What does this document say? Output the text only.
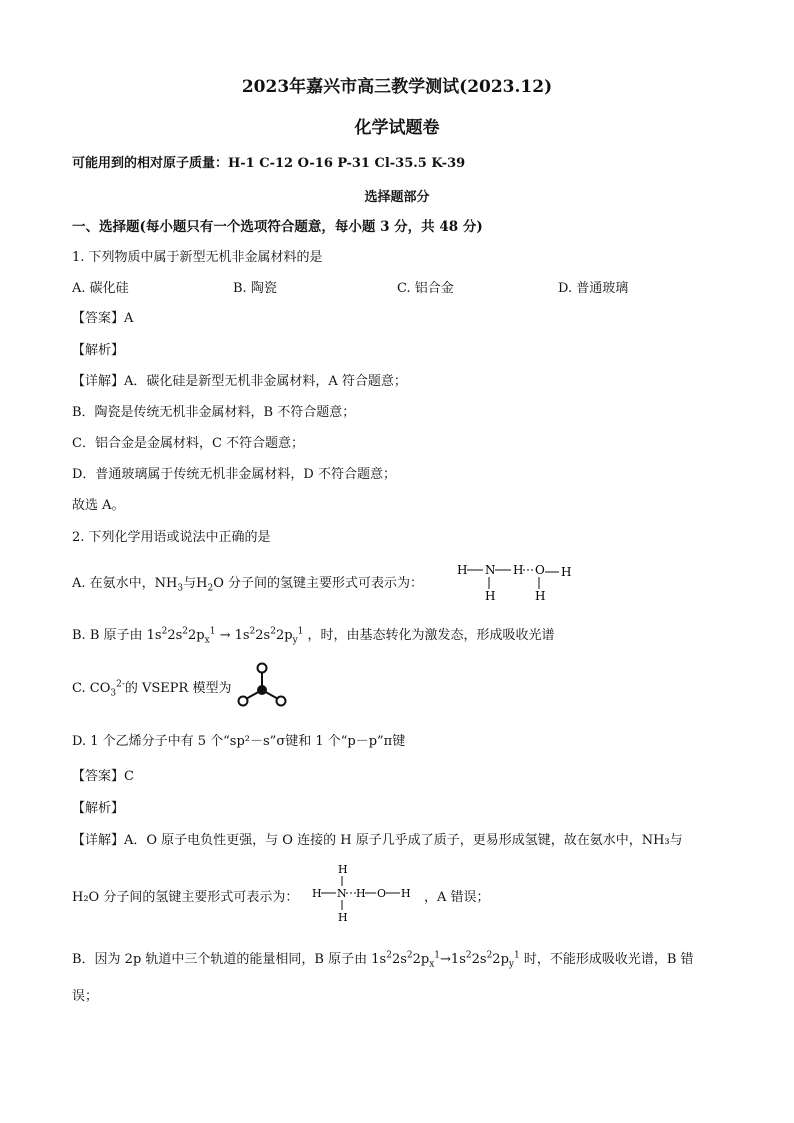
2023年嘉兴市高三教学测试(2023.12)
化学试题卷
可能用到的相对原子质量：H-1 C-12 O-16 P-31 Cl-35.5 K-39
选择题部分
一、选择题(每小题只有一个选项符合题意，每小题 3 分，共 48 分)
1. 下列物质中属于新型无机非金属材料的是
A. 碳化硅	B. 陶瓷	C. 铝合金	D. 普通玻璃
【答案】A
【解析】
【详解】A．碳化硅是新型无机非金属材料，A 符合题意；
B．陶瓷是传统无机非金属材料，B 不符合题意；
C．铝合金是金属材料，C 不符合题意；
D．普通玻璃属于传统无机非金属材料，D 不符合题意；
故选 A。
2. 下列化学用语或说法中正确的是
A. 在氨水中，$NH_3$与$H_2O$ 分子间的氢键主要形式可表示为：
H N
H
H O H
H
B. B 原子由 $1s^22s^22p_x^1 \to 1s^22s^22p_y^1$ ，时，由基态转化为激发态，形成吸收光谱
C. $CO_3^{2-}$的 VSEPR 模型为
D. 1 个乙烯分子中有 5 个“sp²－s”σ键和 1 个“p－p”π键
【答案】C
【解析】
【详解】A．O 原子电负性更强，与 O 连接的 H 原子几乎成了质子，更易形成氢键，故在氨水中，NH₃与
H₂O 分子间的氢键主要形式可表示为：
H
H N H O H
H
，A 错误；
B．因为 2p 轨道中三个轨道的能量相同，B 原子由 $1s^22s^22p_x^1\to 1s^22s^22p_y^1$ 时，不能形成吸收光谱，B 错
误；
